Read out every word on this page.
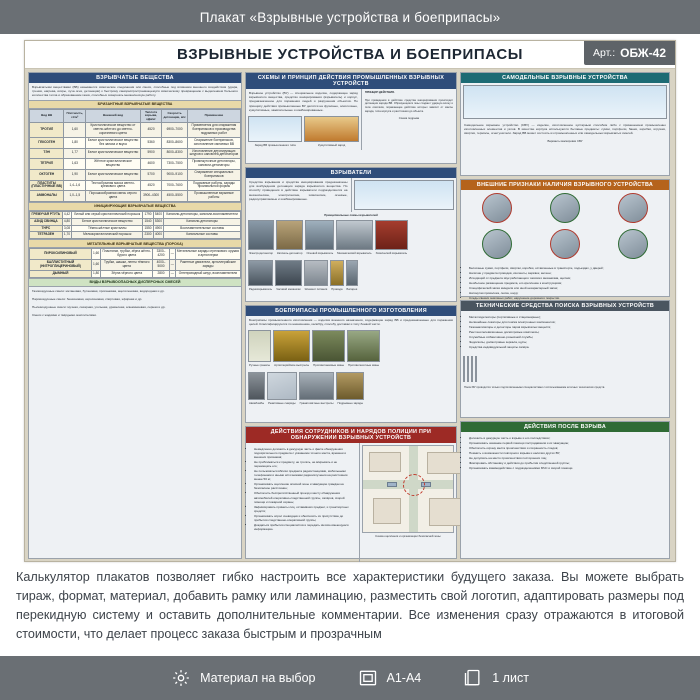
Плакат «Взрывные устройства и боеприпасы»
ВЗРЫВНЫЕ УСТРОЙСТВА И БОЕПРИПАСЫ	Арт.: ОБЖ-42
ВЗРЫВЧАТЫЕ ВЕЩЕСТВА
Взрывчатыми веществами (ВВ) называются химические соединения или смеси, способные под влиянием внешнего воздействия (удара, трения, нагрева, искры, луча огня, детонации) к быстрому самораспространяющемуся химическому превращению с выделением большого количества тепла и образованием газов, способных совершать механическую работу.
БРИЗАНТНЫЕ ВЗРЫВЧАТЫЕ ВЕЩЕСТВА
Вид ВВ	Плотность, г/см³	Внешний вид	Теплота взрыва, кДж/кг	Скорость детонации, м/с	Применение
ТРОТИЛ	1,60	Кристаллическое вещество от светло-жёлтого до светло-коричневого цвета	4520	6900–7000	Применяется для снаряжения боеприпасов и производства подрывных работ
ГЕКСОГЕН	1,80	Белое кристаллическое вещество без запаха и вкуса	5360	8300–8600	Снаряжение боеприпасов, изготовление смесевых ВВ
ТЭН	1,77	Белое кристаллическое вещество	5900	8000–8300	Изготовление детонирующих шнуров и капсюлей-детонаторов
ТЕТРИЛ	1,63	Жёлтое кристаллическое вещество	4600	7300–7500	Промежуточные детонаторы, капсюли-детонаторы
ОКТОГЕН	1,90	Белое кристаллическое вещество	5700	9000–9100	Снаряжение специальных боеприпасов
ПЛАСТИТЫ (ПЛАСТИЧНЫЕ ВВ)	1,4–1,6	Тестообразная масса светло-кремового цвета	4520	7000–7600	Подрывные работы, заряды произвольной формы
АММОНАЛЫ	1,0–1,5	Порошкообразная смесь серого цвета	3900–4300	4500–5500	Промышленные взрывные работы
ИНИЦИИРУЮЩИЕ ВЗРЫВЧАТЫЕ ВЕЩЕСТВА
ГРЕМУЧАЯ РТУТЬ	4,42	Белый или серый кристаллический порошок	1790	5400	Капсюли-детонаторы, капсюли-воспламенители
АЗИД СВИНЦА	4,80	Белое кристаллическое вещество	1540	5300	Капсюли-детонаторы
ТНРС	3,08	Тёмно-жёлтые кристаллы	1550	4900	Воспламенительные составы
ТЕТРАЗЕН	1,70	Мелкокристаллический порошок	2300	4000	Капсюльные составы
МЕТАТЕЛЬНЫЕ ВЗРЫВЧАТЫЕ ВЕЩЕСТВА (ПОРОХА)
ПИРОКСИЛИНОВЫЙ	1,60	Пластинки, трубки, зёрна жёлто-бурого цвета	3300–4200	—	Метательные заряды стрелкового оружия и артиллерии
БАЛЛИСТИТНЫЙ (НИТРОГЛИЦЕРИНОВЫЙ)	1,60	Трубки, шашки, ленты тёмного цвета	4000–5000	—	Ракетные двигатели, артиллерийские заряды
ДЫМНЫЙ	1,80	Зёрна чёрного цвета	2800	—	Огнепроводный шнур, воспламенители
ВИДЫ ВЗРЫВООПАСНЫХ ДИСПЕРСНЫХ СМЕСЕЙ
Газовоздушные смеси: метановая, бутановая, пропановая, ацетиленовая, водородная и др.
Паровоздушные смеси: бензиновая, керосиновая, спиртовая, эфирная и др.
Пылевоздушные смеси: мучная, сахарная, угольная, древесная, алюминиевая, серная и др.
Смеси с жидкими и твёрдыми окислителями.
СХЕМЫ И ПРИНЦИП ДЕЙСТВИЯ ПРОМЫШЛЕННЫХ ВЗРЫВНЫХ УСТРОЙСТВ
Взрывное устройство (ВУ) — специальное изделие, содержащее заряд взрывчатого вещества, средство инициирования (взрыватель) и корпус, предназначенное для поражения людей и разрушения объектов. По принципу действия промышленные ВУ делятся на фугасные, осколочные, кумулятивные, зажигательные и комбинированные.
Заряд ВВ промышленного типа	Кумулятивный заряд
ПРИНЦИП ДЕЙСТВИЯ.
При приведении в действие средства инициирования происходит детонация заряда ВВ. Образующиеся газы создают ударную волну и поле осколков, поражающее действие которых зависит от массы заряда, типа корпуса и расстояния до объекта.
Схема подрыва
ВЗРЫВАТЕЛИ
Средства взрывания и средства инициирования предназначены для возбуждения детонации заряда взрывчатого вещества. По способу приведения в действие взрыватели подразделяются на механические, электрические, химические, огневые, радиоуправляемые и комбинированные.
Принципиальные схемы взрывателей
Электродетонатор	Капсюль-детонатор	Огневой взрыватель	Механический взрыватель	Химический взрыватель
Радиовзрыватель	Часовой механизм	Элемент питания	Провода	Батарея
БОЕПРИПАСЫ ПРОМЫШЛЕННОГО ИЗГОТОВЛЕНИЯ
Боеприпасы промышленного изготовления — изделия военного назначения, содержащие заряд ВВ и предназначенные для поражения целей. Классифицируются по назначению, калибру, способу доставки и типу боевой части.
Ручные гранаты	Артиллерийские выстрелы	Противотанковые мины	Противопехотные мины
Авиабомбы	Реактивные снаряды	Гранатомётные выстрелы	Подрывные заряды
ДЕЙСТВИЯ СОТРУДНИКОВ И НАРЯДОВ ПОЛИЦИИ ПРИ ОБНАРУЖЕНИИ ВЗРЫВНЫХ УСТРОЙСТВ
• Немедленно доложить в дежурную часть о факте обнаружения подозрительного предмета с указанием точного места, времени и внешних признаков;
• Не приближаться к предмету, не трогать, не вскрывать и не перемещать его;
• Не пользоваться вблизи предмета радиостанциями, мобильными телефонами и иными источниками радиоизлучения на расстоянии менее 50 м;
• Организовать оцепление опасной зоны и эвакуацию граждан на безопасное расстояние;
• Обеспечить беспрепятственный проезд к месту обнаружения автомобилей оперативно-следственной группы, сапёров, скорой помощи и пожарной охраны;
• Зафиксировать приметы лиц, оставивших предмет, и транспортных средств;
• Организовать опрос очевидцев и обеспечить их присутствие до прибытия следственно-оперативной группы;
• Дождаться прибытия специалистов и передать им всю имеющуюся информацию.
Схема оцепления и организации безопасной зоны
САМОДЕЛЬНЫЕ ВЗРЫВНЫЕ УСТРОЙСТВА
Самодельное взрывное устройство (СВУ) — изделие, изготовленное кустарным способом либо с применением промышленно изготовленных элементов и узлов. В качестве корпуса используются бытовые предметы: сумки, портфели, банки, коробки, игрушки, свёртки, термосы, огнетушители. Заряд ВВ может состоять из промышленных или самодельных взрывчатых смесей.
Варианты маскировки СВУ
ВНЕШНИЕ ПРИЗНАКИ НАЛИЧИЯ ВЗРЫВНОГО УСТРОЙСТВА
• Бесхозные сумки, портфели, свёртки, коробки, оставленные в транспорте, подъездах, у дверей;
• Наличие у предмета проводов, изоленты, верёвок, антенн;
• Исходящий от предмета звук работающего часового механизма, щелчки;
• Необычное размещение предмета, его крепление к конструкциям;
• Специфический запах миндаля или иной нехарактерный запах;
• Натянутая проволока, леска, шнур;
• Следы свежих земляных работ, нарушение дорожного покрытия.
ТЕХНИЧЕСКИЕ СРЕДСТВА ПОИСКА ВЗРЫВНЫХ УСТРОЙСТВ
• Металлодетекторы (портативные и стационарные);
• Нелинейные локаторы для поиска электронных компонентов;
• Газоанализаторы и детекторы паров взрывчатых веществ;
• Рентгенотелевизионные досмотровые комплексы;
• Служебные собаки минно-розыскной службы;
• Эндоскопы, досмотровые зеркала, щупы;
• Средства индивидуальной защиты сапёра.
Поиск ВУ проводится только подготовленными специалистами с использованием штатных технических средств.
ДЕЙСТВИЯ ПОСЛЕ ВЗРЫВА
• Доложить в дежурную часть о взрыве и его последствиях;
• Организовать оказание первой помощи пострадавшим и их эвакуацию;
• Обеспечить охрану места происшествия и сохранность следов;
• Помнить о возможности повторного взрыва и наличия других ВУ;
• Не допускать на место происшествия посторонних лиц;
• Фиксировать обстановку и действия до прибытия следственной группы;
• Организовать взаимодействие с подразделениями МЧС и скорой помощи.
Калькулятор плакатов позволяет гибко настроить все характеристики будущего заказа. Вы можете выбрать тираж, формат, материал, добавить рамку или ламинацию, разместить свой логотип, адаптировать размеры под перекидную систему и оставить дополнительные комментарии. Все изменения сразу отражаются в итоговой стоимости, что делает процесс заказа быстрым и прозрачным
Материал на выбор	А1-А4	1 лист
